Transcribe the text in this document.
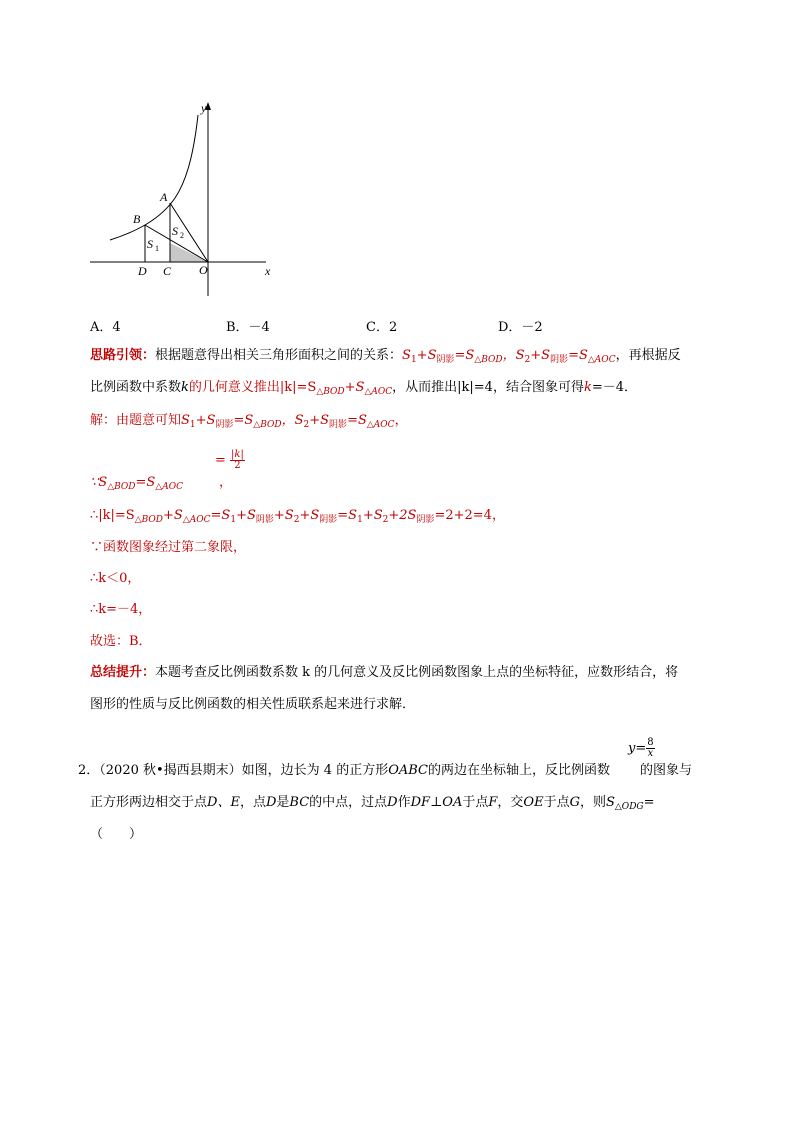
y
x
O
A
B
C
D
S 1
S 2
A．4	B．－4	C．2	D．－2
思路引领：根据题意得出相关三角形面积之间的关系：$S_1+S_{阴影}=S_{\triangle BOD}$，$S_2+S_{阴影}=S_{\triangle AOC}$，再根据反
比例函数中系数k的几何意义推出$|k|=S_{\triangle BOD}+S_{\triangle AOC}$，从而推出|k|=4，结合图象可得k=－4．
解：由题意可知$S_1+S_{阴影}=S_{\triangle BOD}$，$S_2+S_{阴影}=S_{\triangle AOC}$，
= $\frac{|k|}{2}$
$\because S_{\triangle BOD}=S_{\triangle AOC}$	，
$\therefore|k|=S_{\triangle BOD}+S_{\triangle AOC}=S_1+S_{阴影}+S_2+S_{阴影}=S_1+S_2+2S_{阴影}=2+2=4$，
∵函数图象经过第二象限，
∴k＜0，
∴k=－4，
故选：B．
总结提升：本题考查反比例函数系数 k 的几何意义及反比例函数图象上点的坐标特征，应数形结合，将
图形的性质与反比例函数的相关性质联系起来进行求解．
$y= \frac{8}{x}$
2．（2020 秋•揭西县期末）如图，边长为 4 的正方形OABC的两边在坐标轴上，反比例函数 的图象与
正方形两边相交于点D、E，点D是BC的中点，过点D作DF⊥OA于点F，交OE于点G，则$S_{\triangle ODG}=$
（　　）
